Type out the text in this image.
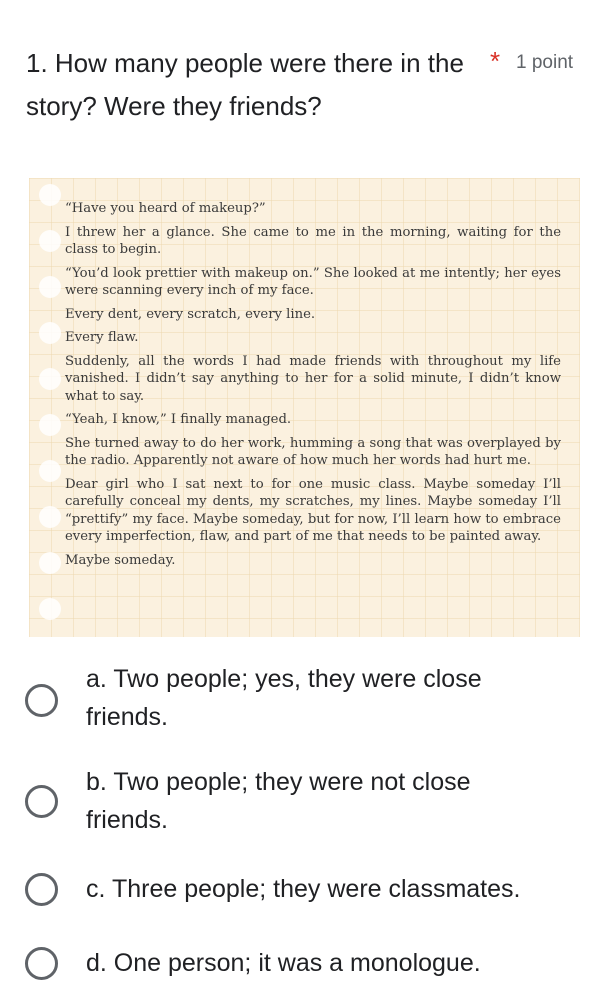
1. How many people were there in the story? Were they friends?
* 1 point

“Have you heard of makeup?”

I threw her a glance. She came to me in the morning, waiting for the class to begin.

“You’d look prettier with makeup on.” She looked at me intently; her eyes were scanning every inch of my face.

Every dent, every scratch, every line.

Every flaw.

Suddenly, all the words I had made friends with throughout my life vanished. I didn’t say anything to her for a solid minute, I didn’t know what to say.

“Yeah, I know,” I finally managed.

She turned away to do her work, humming a song that was overplayed by the radio. Apparently not aware of how much her words had hurt me.

Dear girl who I sat next to for one music class. Maybe someday I’ll carefully conceal my dents, my scratches, my lines. Maybe someday I’ll “prettify” my face. Maybe someday, but for now, I’ll learn how to embrace every imperfection, flaw, and part of me that needs to be painted away.

Maybe someday.

a. Two people; yes, they were close friends.
b. Two people; they were not close friends.
c. Three people; they were classmates.
d. One person; it was a monologue.
